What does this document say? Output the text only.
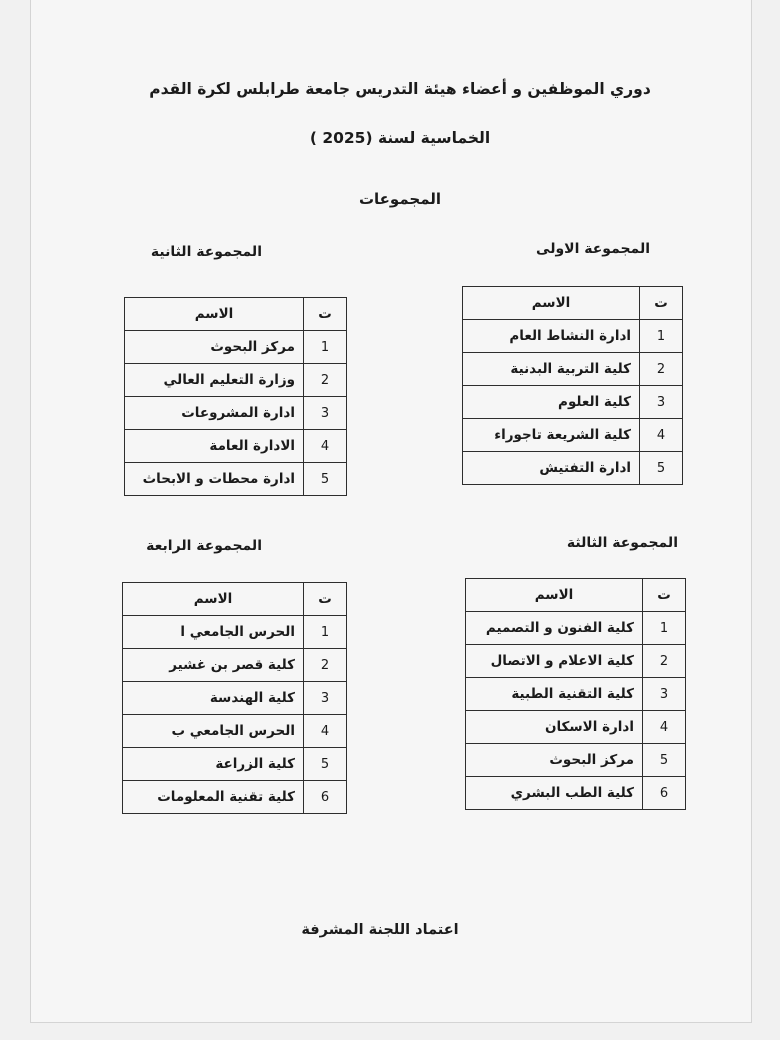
دوري الموظفين و أعضاء هيئة التدريس جامعة طرابلس لكرة القدم
الخماسية لسنة (2025 )
المجموعات
المجموعة الاولى
ت	الاسم
1	ادارة النشاط العام
2	كلية التربية البدنية
3	كلية العلوم
4	كلية الشريعة تاجوراء
5	ادارة التفتيش
المجموعة الثانية
ت	الاسم
1	مركز البحوث
2	وزارة التعليم العالي
3	ادارة المشروعات
4	الادارة العامة
5	ادارة محطات و الابحاث
المجموعة الثالثة
ت	الاسم
1	كلية الفنون و التصميم
2	كلية الاعلام و الاتصال
3	كلية التقنية الطبية
4	ادارة الاسكان
5	مركز البحوث
6	كلية الطب البشري
المجموعة الرابعة
ت	الاسم
1	الحرس الجامعي ا
2	كلية قصر بن غشير
3	كلية الهندسة
4	الحرس الجامعي ب
5	كلية الزراعة
6	كلية تقنية المعلومات
اعتماد اللجنة المشرفة
